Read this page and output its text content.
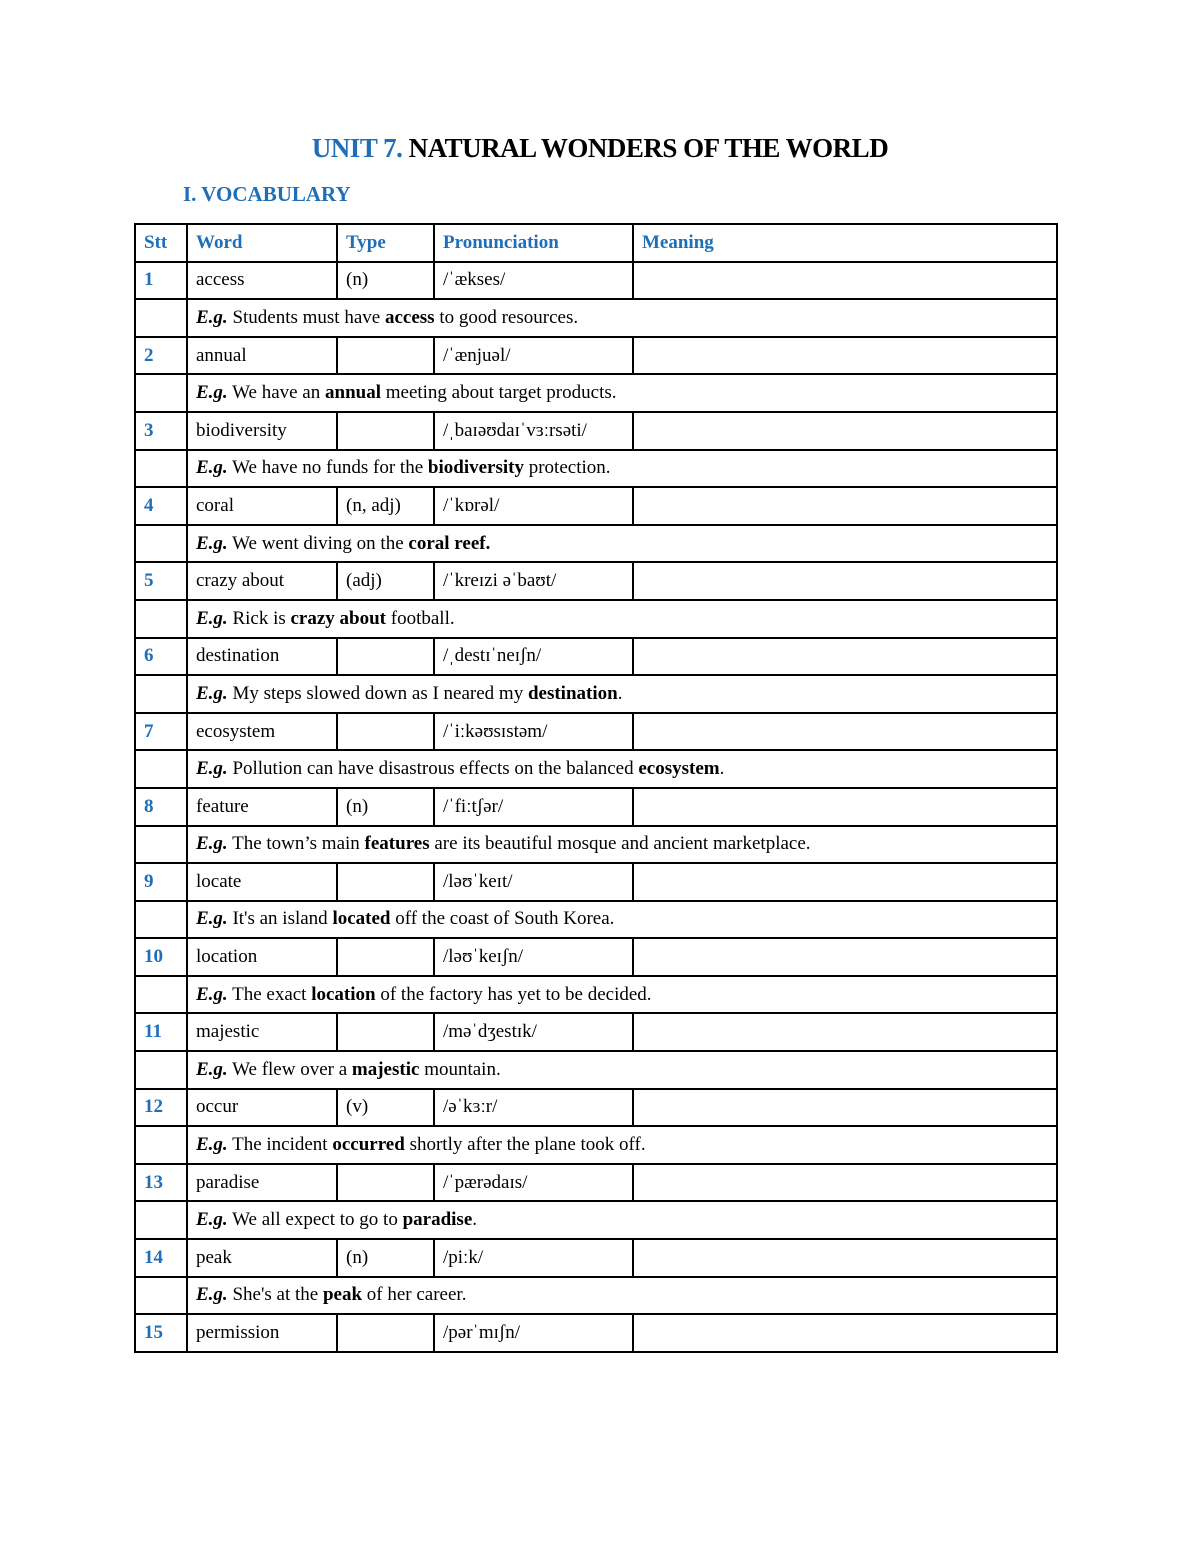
UNIT 7. NATURAL WONDERS OF THE WORLD
I. VOCABULARY
Stt	Word	Type	Pronunciation	Meaning
1	access	(n)	/ˈækses/	
	E.g. Students must have access to good resources.			
2	annual		/ˈænjuəl/	
	E.g. We have an annual meeting about target products.			
3	biodiversity		/ˌbaɪəʊdaɪˈvɜːrsəti/	
	E.g. We have no funds for the biodiversity protection.			
4	coral	(n, adj)	/ˈkɒrəl/	
	E.g. We went diving on the coral reef.			
5	crazy about	(adj)	/ˈkreɪzi əˈbaʊt/	
	E.g. Rick is crazy about football.			
6	destination		/ˌdestɪˈneɪʃn/	
	E.g. My steps slowed down as I neared my destination.			
7	ecosystem		/ˈiːkəʊsɪstəm/	
	E.g. Pollution can have disastrous effects on the balanced ecosystem.			
8	feature	(n)	/ˈfiːtʃər/	
	E.g. The town’s main features are its beautiful mosque and ancient marketplace.			
9	locate		/ləʊˈkeɪt/	
	E.g. It's an island located off the coast of South Korea.			
10	location		/ləʊˈkeɪʃn/	
	E.g. The exact location of the factory has yet to be decided.			
11	majestic		/məˈdʒestɪk/	
	E.g. We flew over a majestic mountain.			
12	occur	(v)	/əˈkɜːr/	
	E.g. The incident occurred shortly after the plane took off.			
13	paradise		/ˈpærədaɪs/	
	E.g. We all expect to go to paradise.			
14	peak	(n)	/piːk/	
	E.g. She's at the peak of her career.			
15	permission		/pərˈmɪʃn/	
